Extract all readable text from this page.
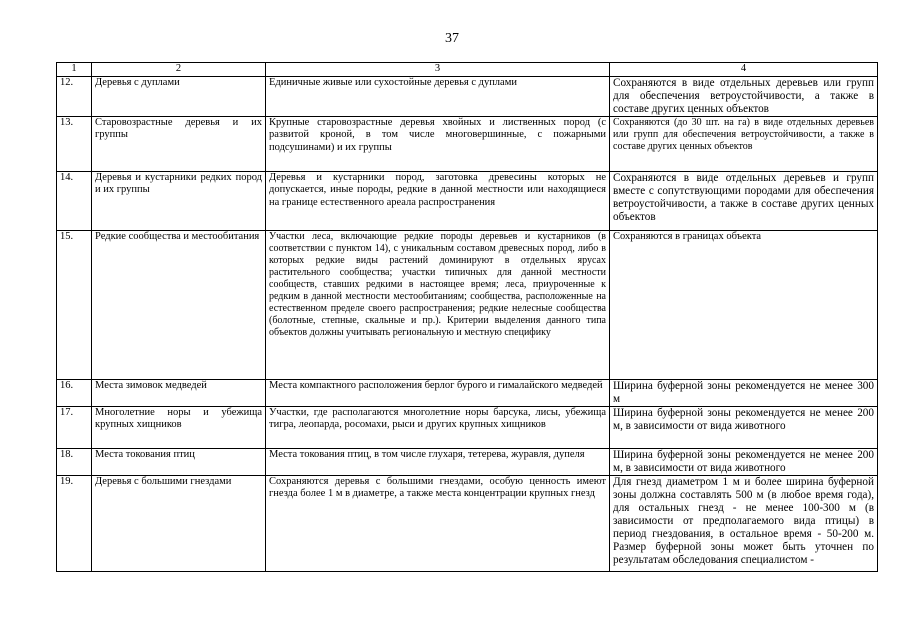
37
1	2	3	4
12.	Деревья с дуплами	Единичные живые или сухостойные деревья с дуплами	Сохраняются в виде отдельных деревьев или групп для обеспечения ветроустойчивости, а также в составе других ценных объектов
13.	Старовозрастные деревья и их группы	Крупные старовозрастные деревья хвойных и лиственных пород (с развитой кроной, в том числе многовершинные, с пожарными подсушинами) и их группы	Сохраняются (до 30 шт. на га) в виде отдельных деревьев или групп для обеспечения ветроустойчивости, а также в составе других ценных объектов
14.	Деревья и кустарники редких пород и их группы	Деревья и кустарники пород, заготовка древесины которых не допускается, иные породы, редкие в данной местности или находящиеся на границе естественного ареала распространения	Сохраняются в виде отдельных деревьев и групп вместе с сопутствующими породами для обеспечения ветроустойчивости, а также в составе других ценных объектов
15.	Редкие сообщества и местообитания	Участки леса, включающие редкие породы деревьев и кустарников (в соответствии с пунктом 14), с уникальным составом древесных пород, либо в которых редкие виды растений доминируют в отдельных ярусах растительного сообщества; участки типичных для данной местности сообществ, ставших редкими в настоящее время; леса, приуроченные к редким в данной местности местообитаниям; сообщества, расположенные на естественном пределе своего распространения; редкие нелесные сообщества (болотные, степные, скальные и пр.). Критерии выделения данного типа объектов должны учитывать региональную и местную специфику	Сохраняются в границах объекта
16.	Места зимовок медведей	Места компактного расположения берлог бурого и гималайского медведей	Ширина буферной зоны рекомендуется не менее 300 м
17.	Многолетние норы и убежища крупных хищников	Участки, где располагаются многолетние норы барсука, лисы, убежища тигра, леопарда, росомахи, рыси и других крупных хищников	Ширина буферной зоны рекомендуется не менее 200 м, в зависимости от вида животного
18.	Места токования птиц	Места токования птиц, в том числе глухаря, тетерева, журавля, дупеля	Ширина буферной зоны рекомендуется не менее 200 м, в зависимости от вида животного
19.	Деревья с большими гнездами	Сохраняются деревья с большими гнездами, особую ценность имеют гнезда более 1 м в диаметре, а также места концентрации крупных гнезд	Для гнезд диаметром 1 м и более ширина буферной зоны должна составлять 500 м (в любое время года), для остальных гнезд - не менее 100-300 м (в зависимости от предполагаемого вида птицы) в период гнездования, в остальное время - 50-200 м. Размер буферной зоны может быть уточнен по результатам обследования специалистом -
